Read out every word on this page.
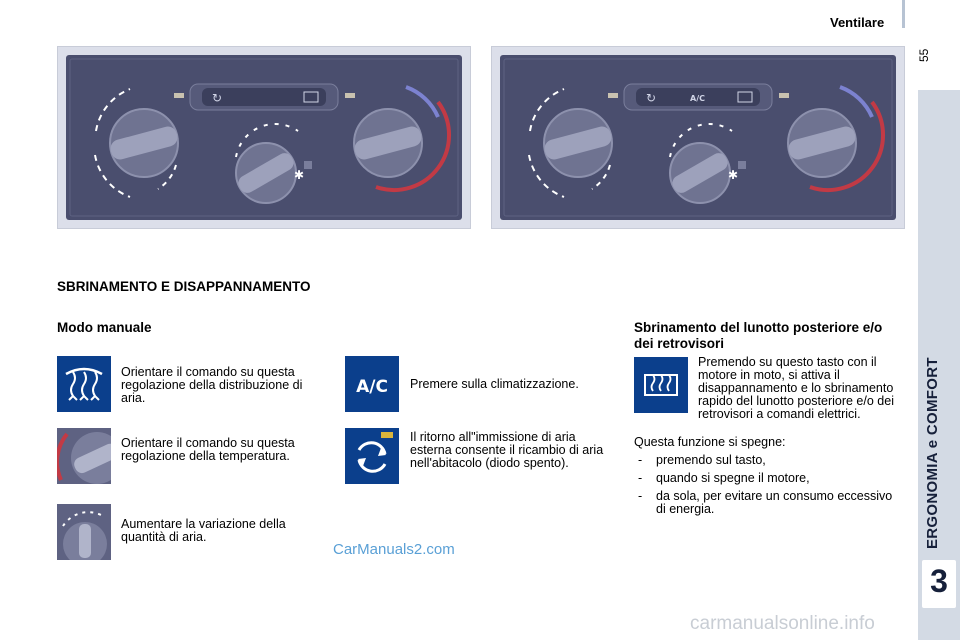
Ventilare
55
ERGONOMIA e COMFORT
3
↻
✱
↻	A/C
✱
SBRINAMENTO E DISAPPANNAMENTO
Modo manuale
Orientare il comando su questa regolazione della distribuzione di aria.
Orientare il comando su questa regolazione della temperatura.
Aumentare la variazione della quantità di aria.
A/C Premere sulla climatizzazione.
Il ritorno all"immissione di aria esterna consente il ricambio di aria nell'abitacolo (diodo spento).
Sbrinamento del lunotto posteriore e/o dei retrovisori
Premendo su questo tasto con il motore in moto, si attiva il disappannamento e lo sbrinamento rapido del lunotto posteriore e/o dei retrovisori a comandi elettrici.
Questa funzione si spegne:
- premendo sul tasto,
- quando si spegne il motore,
- da sola, per evitare un consumo eccessivo di energia.
CarManuals2.com
carmanualsonline.info
